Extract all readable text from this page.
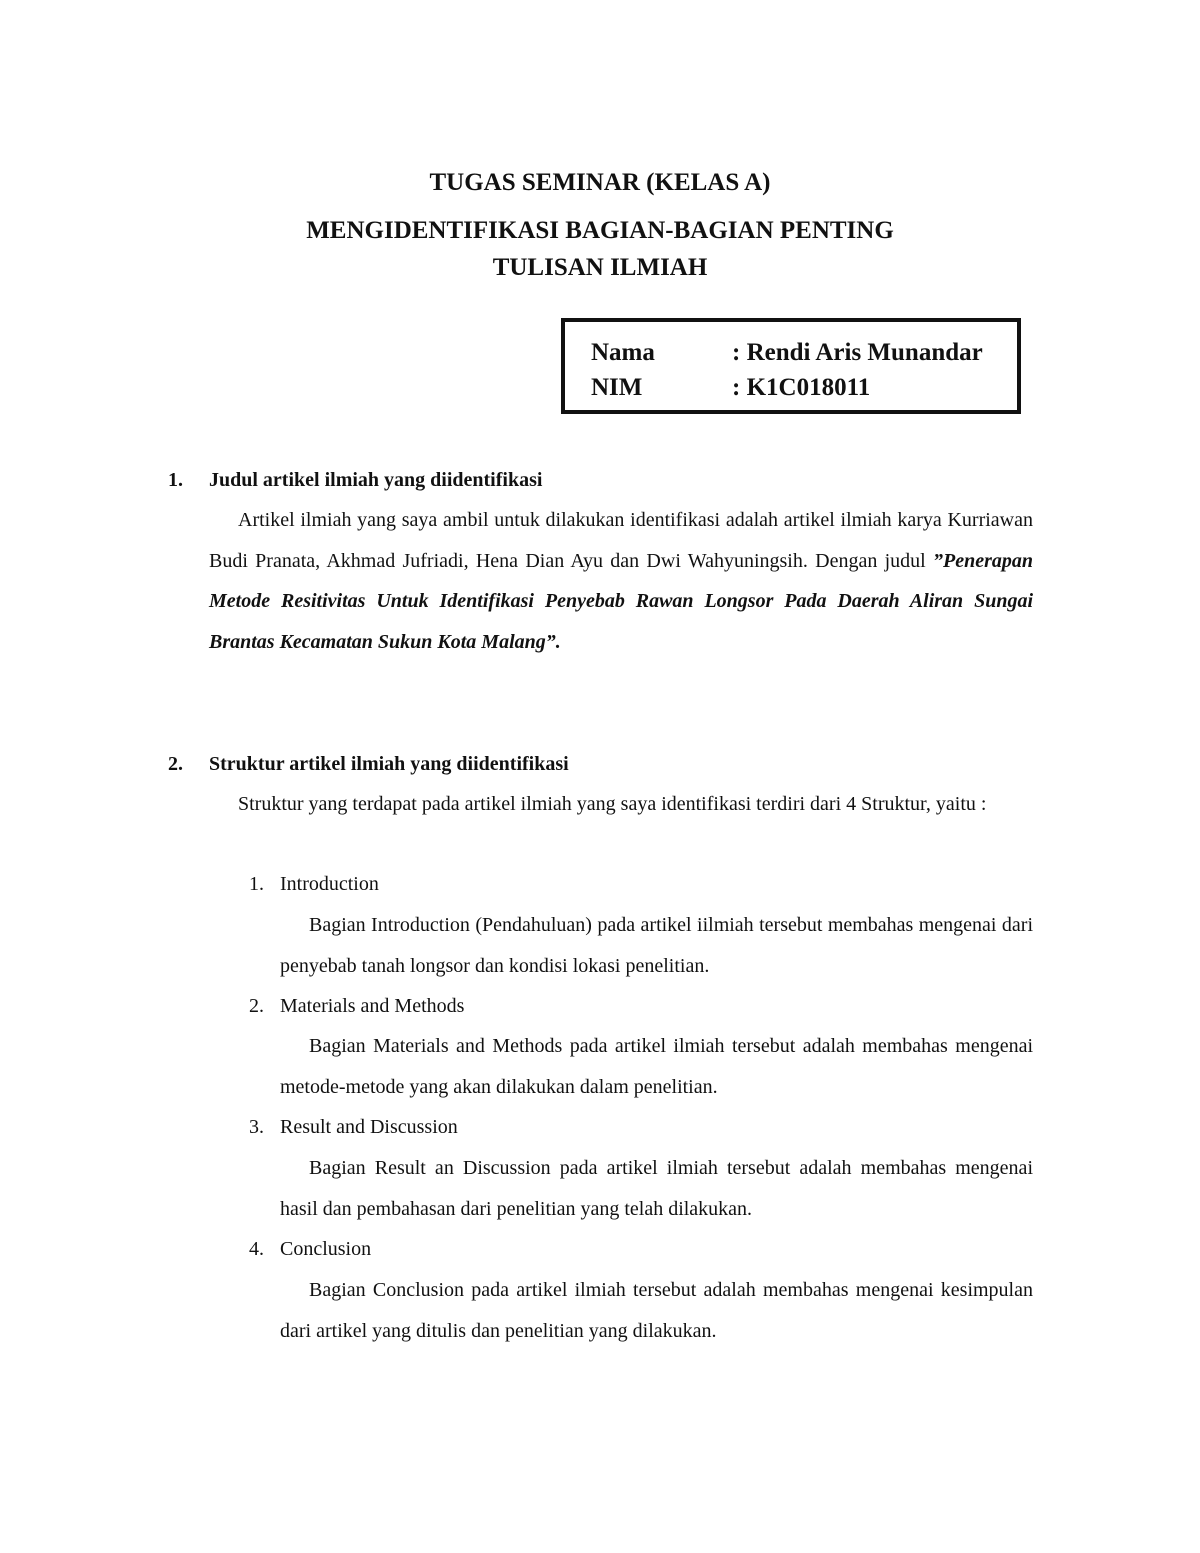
TUGAS SEMINAR (KELAS A)
MENGIDENTIFIKASI BAGIAN-BAGIAN PENTING
TULISAN ILMIAH
Nama	: Rendi Aris Munandar
NIM	: K1C018011
1. Judul artikel ilmiah yang diidentifikasi

Artikel ilmiah yang saya ambil untuk dilakukan identifikasi adalah artikel ilmiah karya Kurriawan Budi Pranata, Akhmad Jufriadi, Hena Dian Ayu dan Dwi Wahyuningsih. Dengan judul ”Penerapan Metode Resitivitas Untuk Identifikasi Penyebab Rawan Longsor Pada Daerah Aliran Sungai Brantas Kecamatan Sukun Kota Malang”.

2. Struktur artikel ilmiah yang diidentifikasi

Struktur yang terdapat pada artikel ilmiah yang saya identifikasi terdiri dari 4 Struktur, yaitu :

1. Introduction

Bagian Introduction (Pendahuluan) pada artikel iilmiah tersebut membahas mengenai dari penyebab tanah longsor dan kondisi lokasi penelitian.

2. Materials and Methods

Bagian Materials and Methods pada artikel ilmiah tersebut adalah membahas mengenai metode-metode yang akan dilakukan dalam penelitian.

3. Result and Discussion

Bagian Result an Discussion pada artikel ilmiah tersebut adalah membahas mengenai hasil dan pembahasan dari penelitian yang telah dilakukan.

4. Conclusion

Bagian Conclusion pada artikel ilmiah tersebut adalah membahas mengenai kesimpulan dari artikel yang ditulis dan penelitian yang dilakukan.
